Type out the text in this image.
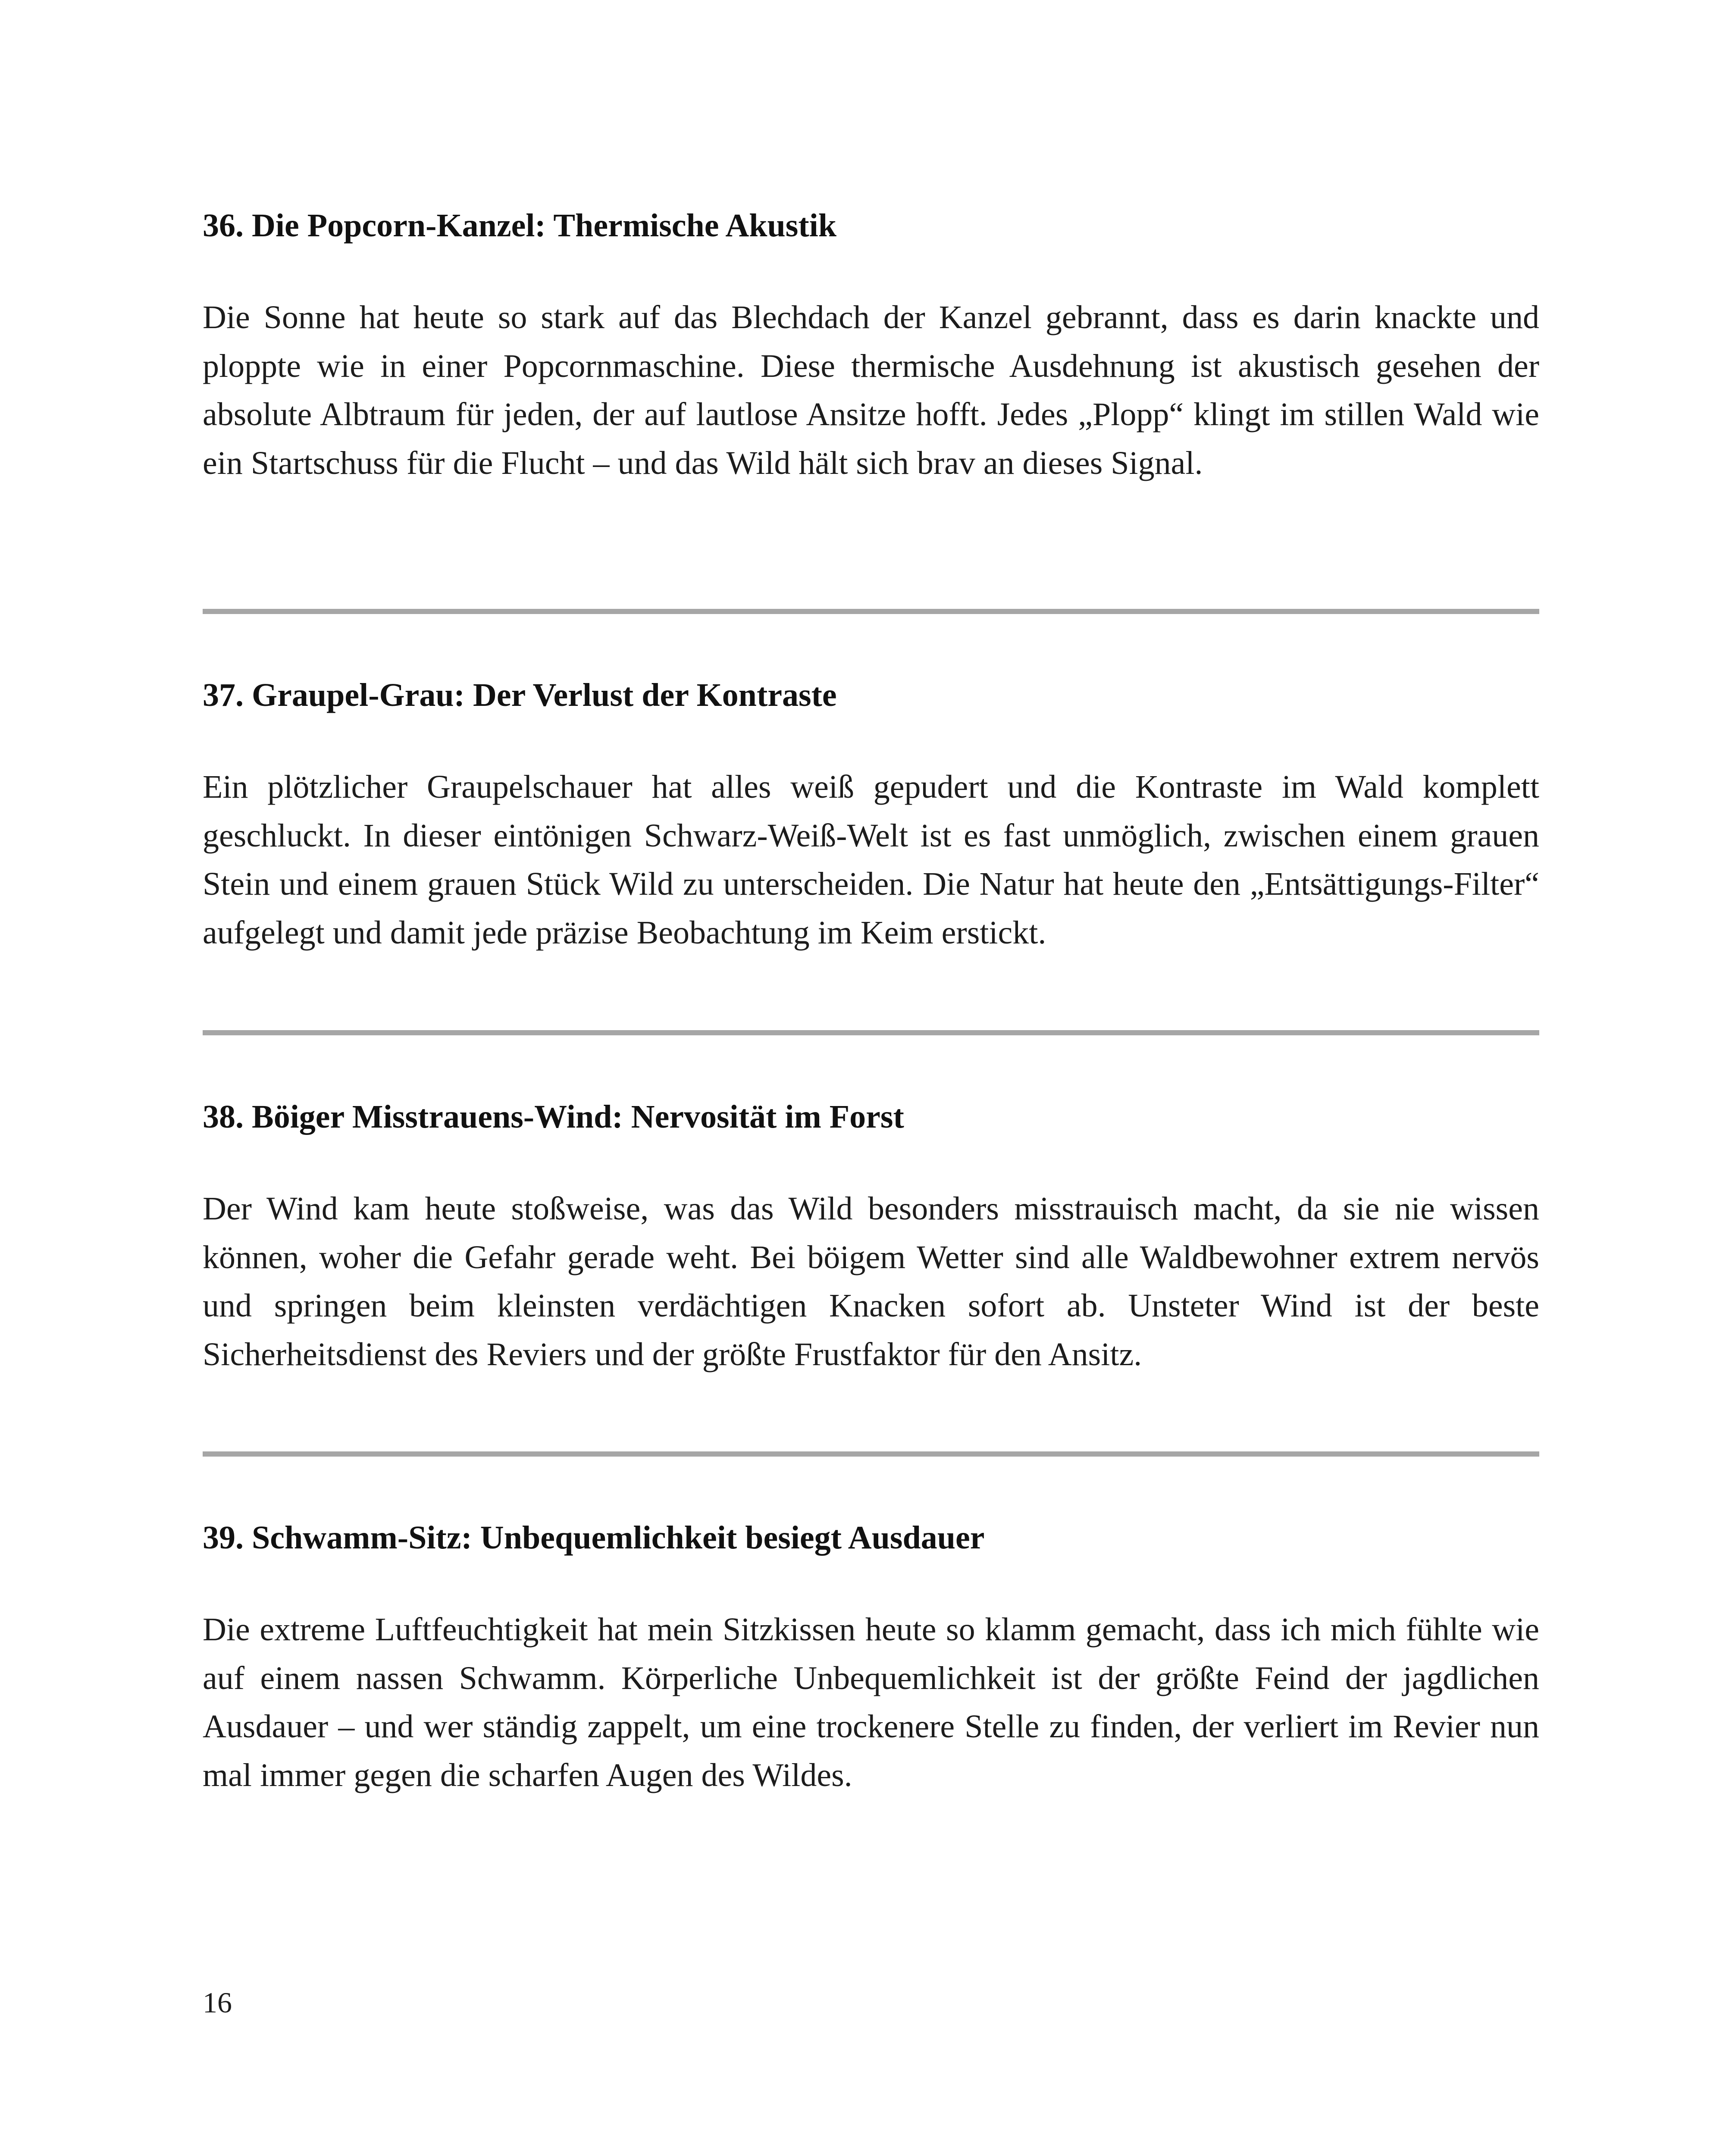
36. Die Popcorn-Kanzel: Thermische Akustik

Die Sonne hat heute so stark auf das Blechdach der Kanzel gebrannt, dass es darin knackte und ploppte wie in einer Popcornmaschine. Diese thermische Ausdehnung ist akustisch gesehen der absolute Albtraum für jeden, der auf lautlose Ansitze hofft. Jedes „Plopp“ klingt im stillen Wald wie ein Startschuss für die Flucht – und das Wild hält sich brav an dieses Signal.

37. Graupel-Grau: Der Verlust der Kontraste

Ein plötzlicher Graupelschauer hat alles weiß gepudert und die Kontraste im Wald komplett geschluckt. In dieser eintönigen Schwarz-Weiß-Welt ist es fast unmöglich, zwischen einem grauen Stein und einem grauen Stück Wild zu unterscheiden. Die Natur hat heute den „Entsättigungs-Filter“ aufgelegt und damit jede präzise Beobachtung im Keim erstickt.

38. Böiger Misstrauens-Wind: Nervosität im Forst

Der Wind kam heute stoßweise, was das Wild besonders misstrauisch macht, da sie nie wissen können, woher die Gefahr gerade weht. Bei böigem Wetter sind alle Waldbewohner extrem nervös und springen beim kleinsten verdächtigen Knacken sofort ab. Unsteter Wind ist der beste Sicherheitsdienst des Reviers und der größte Frustfaktor für den Ansitz.

39. Schwamm-Sitz: Unbequemlichkeit besiegt Ausdauer

Die extreme Luftfeuchtigkeit hat mein Sitzkissen heute so klamm gemacht, dass ich mich fühlte wie auf einem nassen Schwamm. Körperliche Unbequemlichkeit ist der größte Feind der jagdlichen Ausdauer – und wer ständig zappelt, um eine trockenere Stelle zu finden, der verliert im Revier nun mal immer gegen die scharfen Augen des Wildes.

16
